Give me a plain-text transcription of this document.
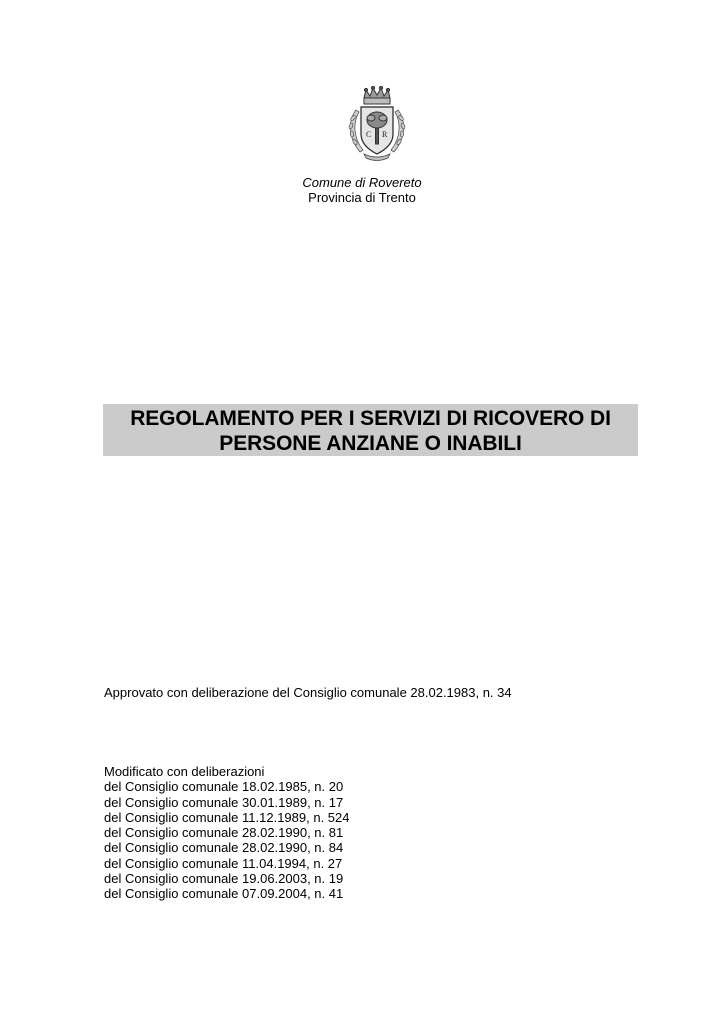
C R
Comune di Rovereto
Provincia di Trento
REGOLAMENTO PER I SERVIZI DI RICOVERO DI
PERSONE ANZIANE O INABILI
Approvato con deliberazione del Consiglio comunale 28.02.1983, n. 34
Modificato con deliberazioni
del Consiglio comunale 18.02.1985, n. 20
del Consiglio comunale 30.01.1989, n. 17
del Consiglio comunale 11.12.1989, n. 524
del Consiglio comunale 28.02.1990, n. 81
del Consiglio comunale 28.02.1990, n. 84
del Consiglio comunale 11.04.1994, n. 27
del Consiglio comunale 19.06.2003, n. 19
del Consiglio comunale 07.09.2004, n. 41
